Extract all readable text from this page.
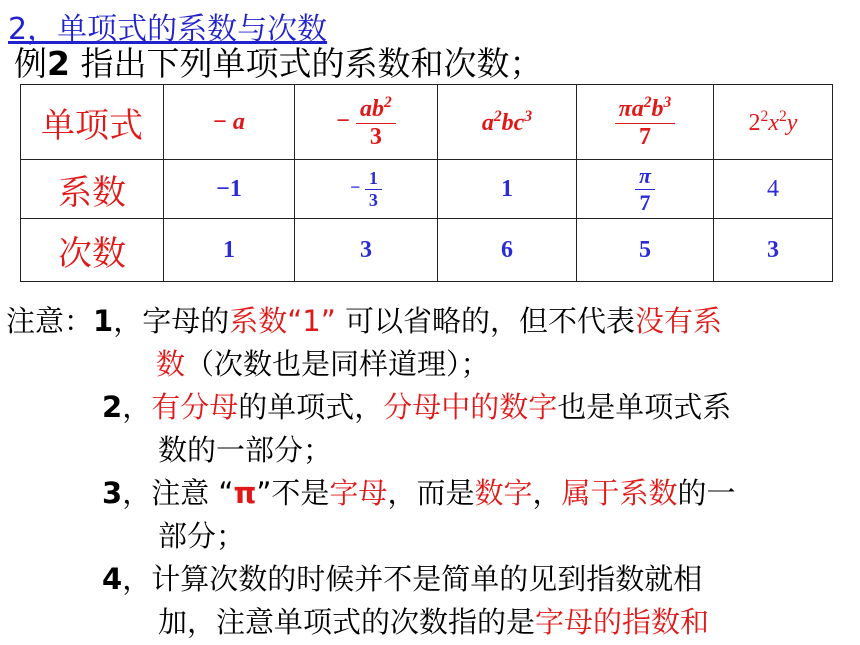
2，单项式的系数与次数
例2 指出下列单项式的系数和次数；
单项式	− a	− $\frac{ab^2}{3}$	$a^2bc^3$	$\frac{\pi a^2b^3}{7}$	$2^2x^2y$
系数	−1	− $\frac{1}{3}$	1	$\frac{\pi}{7}$	4
次数	1	3	6	5	3
注意：1，字母的系数“1” 可以省略的，但不代表没有系
数（次数也是同样道理）；
2，有分母的单项式，分母中的数字也是单项式系
数的一部分；
3，注意 “π”不是字母，而是数字，属于系数的一
部分；
4，计算次数的时候并不是简单的见到指数就相
加，注意单项式的次数指的是字母的指数和
